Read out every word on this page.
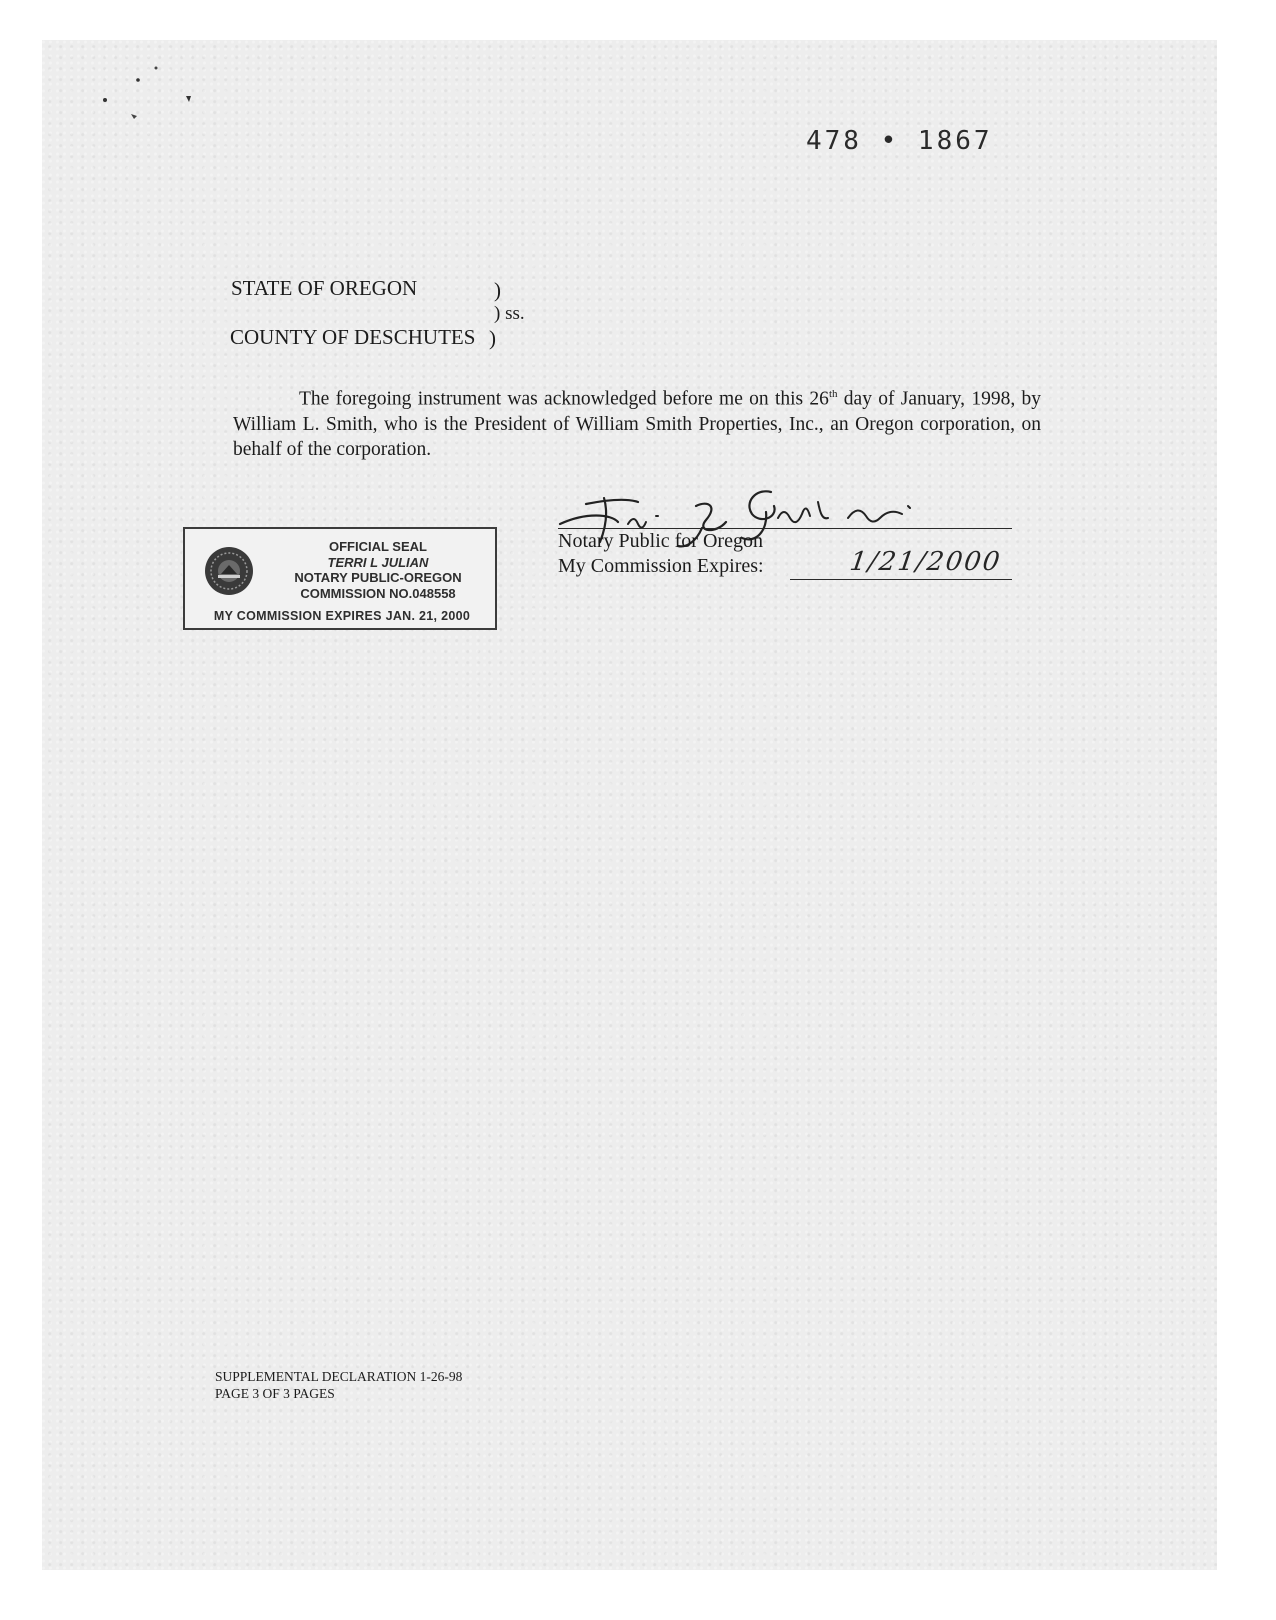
478 • 1867
STATE OF OREGON	)
) ss.
COUNTY OF DESCHUTES )
The foregoing instrument was acknowledged before me on this 26th day of January, 1998, by William L. Smith, who is the President of William Smith Properties, Inc., an Oregon corporation, on behalf of the corporation.
OFFICIAL SEAL
TERRI L JULIAN
NOTARY PUBLIC-OREGON
COMMISSION NO.048558
MY COMMISSION EXPIRES JAN. 21, 2000
Notary Public for Oregon
My Commission Expires:	1/21/2000
SUPPLEMENTAL DECLARATION 1-26-98
PAGE 3 OF 3 PAGES
